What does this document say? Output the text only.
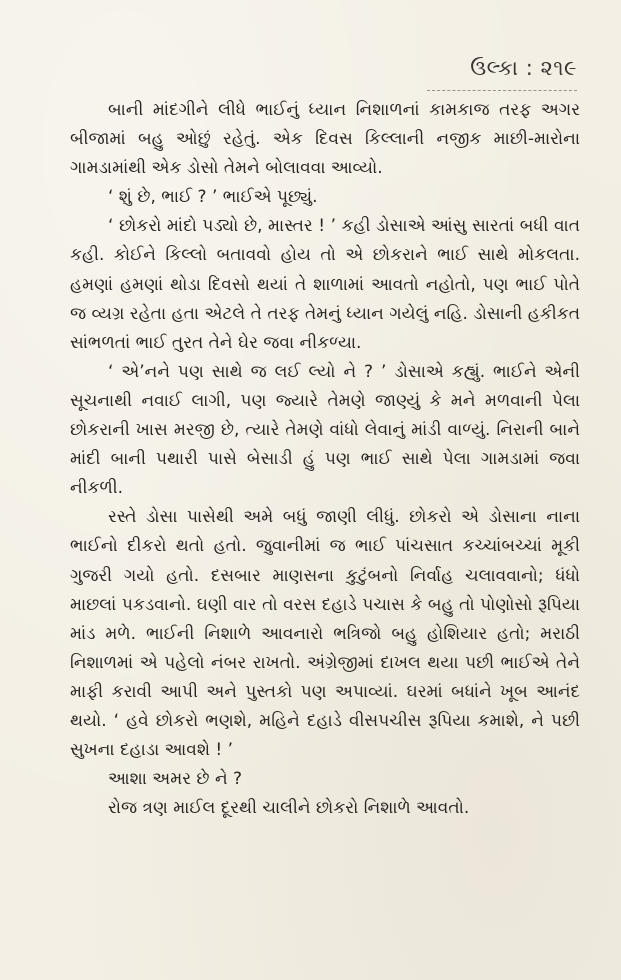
ઉલ્કા : ૨૧૯

બાની માંદગીને લીધે ભાઈનું ધ્યાન નિશાળનાં કામકાજ તરફ અગર બીજામાં બહુ ઓછું રહેતું. એક દિવસ કિલ્લાની નજીક માછી-મારોના ગામડામાંથી એક ડોસો તેમને બોલાવવા આવ્યો.

‘ શું છે, ભાઈ ? ’ ભાઈએ પૂછ્યું.

‘ છોકરો માંદો પડ્યો છે, માસ્તર ! ’ કહી ડોસાએ આંસુ સારતાં બધી વાત કહી. કોઈને કિલ્લો બતાવવો હોય તો એ છોકરાને ભાઈ સાથે મોકલતા. હમણાં હમણાં થોડા દિવસો થયાં તે શાળામાં આવતો નહોતો, પણ ભાઈ પોતે જ વ્યગ્ર રહેતા હતા એટલે તે તરફ તેમનું ધ્યાન ગયેલું નહિ. ડોસાની હકીકત સાંભળતાં ભાઈ તુરત તેને ઘેર જવા નીકળ્યા.

‘ એ’નને પણ સાથે જ લઈ લ્યો ને ? ’ ડોસાએ કહ્યું. ભાઈને એની સૂચનાથી નવાઈ લાગી, પણ જ્યારે તેમણે જાણ્યું કે મને મળવાની પેલા છોકરાની ખાસ મરજી છે, ત્યારે તેમણે વાંધો લેવાનું માંડી વાળ્યું. નિરાની બાને માંદી બાની પથારી પાસે બેસાડી હું પણ ભાઈ સાથે પેલા ગામડામાં જવા નીકળી.

રસ્તે ડોસા પાસેથી અમે બધું જાણી લીધું. છોકરો એ ડોસાના નાના ભાઈનો દીકરો થતો હતો. જુવાનીમાં જ ભાઈ પાંચસાત કચ્ચાંબચ્ચાં મૂકી ગુજરી ગયો હતો. દસબાર માણસના કુટુંબનો નિર્વાહ ચલાવવાનો; ધંધો માછલાં પકડવાનો. ઘણી વાર તો વરસ દહાડે પચાસ કે બહુ તો પોણોસો રૂપિયા માંડ મળે. ભાઈની નિશાળે આવનારો ભત્રિજો બહુ હોશિયાર હતો; મરાઠી નિશાળમાં એ પહેલો નંબર રાખતો. અંગ્રેજીમાં દાખલ થયા પછી ભાઈએ તેને માફી કરાવી આપી અને પુસ્તકો પણ અપાવ્યાં. ઘરમાં બધાંને ખૂબ આનંદ થયો. ‘ હવે છોકરો ભણશે, મહિને દહાડે વીસપચીસ રૂપિયા કમાશે, ને પછી સુખના દહાડા આવશે ! ’

આશા અમર છે ને ?

રોજ ત્રણ માઈલ દૂરથી ચાલીને છોકરો નિશાળે આવતો.
